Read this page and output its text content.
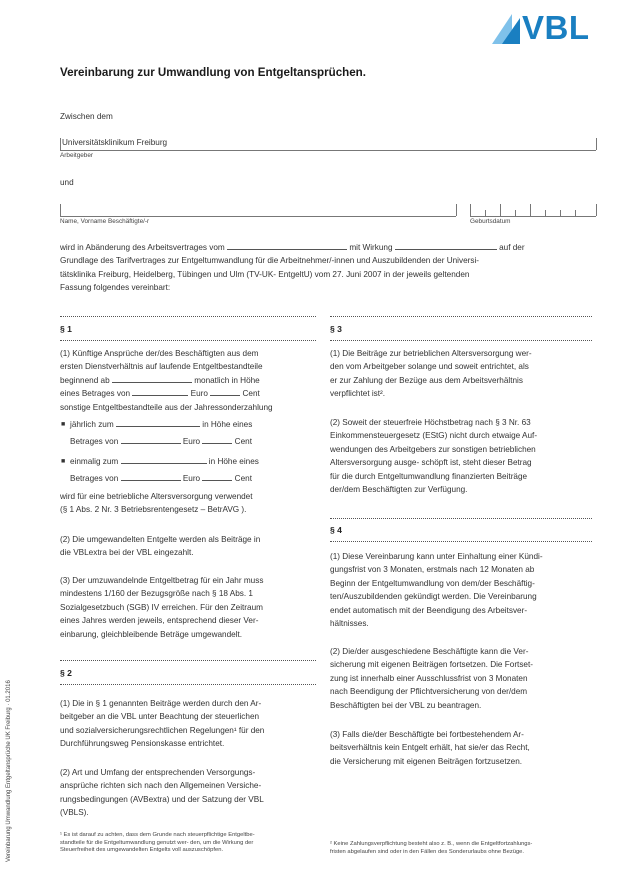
VBL
Vereinbarung zur Umwandlung von Entgeltansprüchen.
Zwischen dem
Universitätsklinikum Freiburg
Arbeitgeber
und
Name, Vorname Beschäftigte/-r	Geburtsdatum
wird in Abänderung des Arbeitsvertrages vom	mit Wirkung	auf der
Grundlage des Tarifvertrages zur Entgeltumwandlung für die Arbeitnehmer/-innen und Auszubildenden der Universi-
tätsklinika Freiburg, Heidelberg, Tübingen und Ulm (TV-UK- EntgeltU) vom 27. Juni 2007 in der jeweils geltenden
Fassung folgendes vereinbart:
§ 1
(1) Künftige Ansprüche der/des Beschäftigten aus dem
ersten Dienstverhältnis auf laufende Entgeltbestandteile
beginnend ab	monatlich in Höhe
eines Betrages von	Euro	Cent
sonstige Entgeltbestandteile aus der Jahressonderzahlung
■ jährlich zum	in Höhe eines
Betrages von	Euro	Cent
■ einmalig zum	in Höhe eines
Betrages von	Euro	Cent
wird für eine betriebliche Altersversorgung verwendet
(§ 1 Abs. 2 Nr. 3 Betriebsrentengesetz – BetrAVG ).
(2) Die umgewandelten Entgelte werden als Beiträge in
die VBLextra bei der VBL eingezahlt.
(3) Der umzuwandelnde Entgeltbetrag für ein Jahr muss
mindestens 1/160 der Bezugsgröße nach § 18 Abs. 1
Sozialgesetzbuch (SGB) IV erreichen. Für den Zeitraum
eines Jahres werden jeweils, entsprechend dieser Ver-
einbarung, gleichbleibende Beträge umgewandelt.
§ 2
(1) Die in § 1 genannten Beiträge werden durch den Ar-
beitgeber an die VBL unter Beachtung der steuerlichen
und sozialversicherungsrechtlichen Regelungen¹ für den
Durchführungsweg Pensionskasse entrichtet.
(2) Art und Umfang der entsprechenden Versorgungs-
ansprüche richten sich nach den Allgemeinen Versiche-
rungsbedingungen (AVBextra) und der Satzung der VBL
(VBLS).
§ 3
(1) Die Beiträge zur betrieblichen Altersversorgung wer-
den vom Arbeitgeber solange und soweit entrichtet, als
er zur Zahlung der Bezüge aus dem Arbeitsverhältnis
verpflichtet ist².
(2) Soweit der steuerfreie Höchstbetrag nach § 3 Nr. 63
Einkommensteuergesetz (EStG) nicht durch etwaige Auf-
wendungen des Arbeitgebers zur sonstigen betrieblichen
Altersversorgung ausge- schöpft ist, steht dieser Betrag
für die durch Entgeltumwandlung finanzierten Beiträge
der/dem Beschäftigten zur Verfügung.
§ 4
(1) Diese Vereinbarung kann unter Einhaltung einer Kündi-
gungsfrist von 3 Monaten, erstmals nach 12 Monaten ab
Beginn der Entgeltumwandlung von dem/der Beschäftig-
ten/Auszubildenden gekündigt werden. Die Vereinbarung
endet automatisch mit der Beendigung des Arbeitsver-
hältnisses.
(2) Die/der ausgeschiedene Beschäftigte kann die Ver-
sicherung mit eigenen Beiträgen fortsetzen. Die Fortset-
zung ist innerhalb einer Ausschlussfrist von 3 Monaten
nach Beendigung der Pflichtversicherung von der/dem
Beschäftigten bei der VBL zu beantragen.
(3) Falls die/der Beschäftigte bei fortbestehendem Ar-
beitsverhältnis kein Entgelt erhält, hat sie/er das Recht,
die Versicherung mit eigenen Beiträgen fortzusetzen.
¹ Es ist darauf zu achten, dass dem Grunde nach steuerpflichtige Entgeltbe-
standteile für die Entgeltumwandlung genutzt wer- den, um die Wirkung der
Steuerfreiheit des umgewandelten Entgelts voll auszuschöpfen.
² Keine Zahlungsverpflichtung besteht also z. B., wenn die Entgeltfortzahlungs-
fristen abgelaufen sind oder in den Fällen des Sonderurlaubs ohne Bezüge.
Vereinbarung Umwandlung Entgeltansprüche UK Freiburg · 01.2016
